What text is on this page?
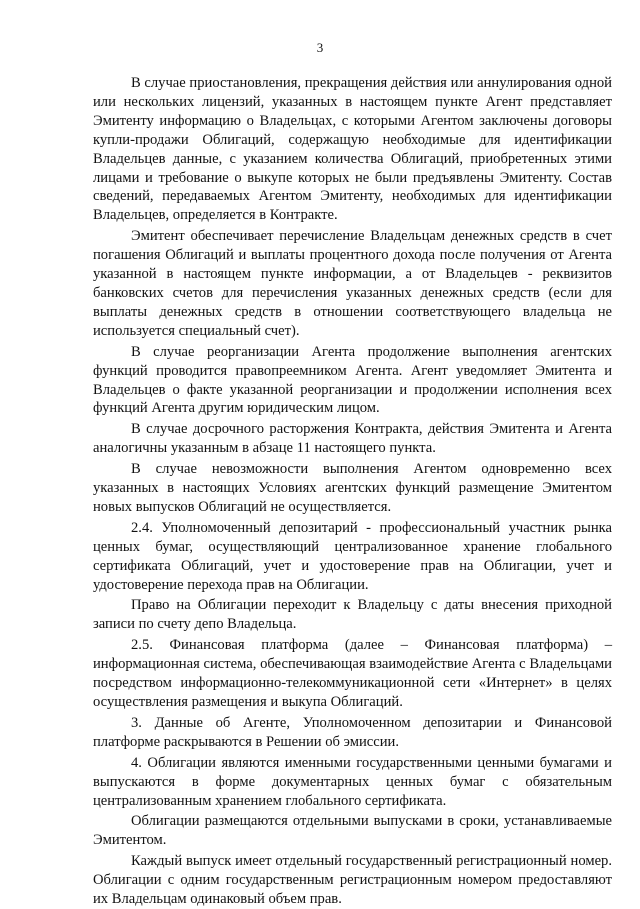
3

В случае приостановления, прекращения действия или аннулирования одной или нескольких лицензий, указанных в настоящем пункте Агент представляет Эмитенту информацию о Владельцах, с которыми Агентом заключены договоры купли-продажи Облигаций, содержащую необходимые для идентификации Владельцев данные, с указанием количества Облигаций, приобретенных этими лицами и требование о выкупе которых не были предъявлены Эмитенту. Состав сведений, передаваемых Агентом Эмитенту, необходимых для идентификации Владельцев, определяется в Контракте.

Эмитент обеспечивает перечисление Владельцам денежных средств в счет погашения Облигаций и выплаты процентного дохода после получения от Агента указанной в настоящем пункте информации, а от Владельцев - реквизитов банковских счетов для перечисления указанных денежных средств (если для выплаты денежных средств в отношении соответствующего владельца не используется специальный счет).

В случае реорганизации Агента продолжение выполнения агентских функций проводится правопреемником Агента. Агент уведомляет Эмитента и Владельцев о факте указанной реорганизации и продолжении исполнения всех функций Агента другим юридическим лицом.

В случае досрочного расторжения Контракта, действия Эмитента и Агента аналогичны указанным в абзаце 11 настоящего пункта.

В случае невозможности выполнения Агентом одновременно всех указанных в настоящих Условиях агентских функций размещение Эмитентом новых выпусков Облигаций не осуществляется.

2.4. Уполномоченный депозитарий - профессиональный участник рынка ценных бумаг, осуществляющий централизованное хранение глобального сертификата Облигаций, учет и удостоверение прав на Облигации, учет и удостоверение перехода прав на Облигации.

Право на Облигации переходит к Владельцу с даты внесения приходной записи по счету депо Владельца.

2.5. Финансовая платформа (далее – Финансовая платформа) – информационная система, обеспечивающая взаимодействие Агента с Владельцами посредством информационно-телекоммуникационной сети «Интернет» в целях осуществления размещения и выкупа Облигаций.

3. Данные об Агенте, Уполномоченном депозитарии и Финансовой платформе раскрываются в Решении об эмиссии.

4. Облигации являются именными государственными ценными бумагами и выпускаются в форме документарных ценных бумаг с обязательным централизованным хранением глобального сертификата.

Облигации размещаются отдельными выпусками в сроки, устанавливаемые Эмитентом.

Каждый выпуск имеет отдельный государственный регистрационный номер. Облигации с одним государственным регистрационным номером предоставляют их Владельцам одинаковый объем прав.
